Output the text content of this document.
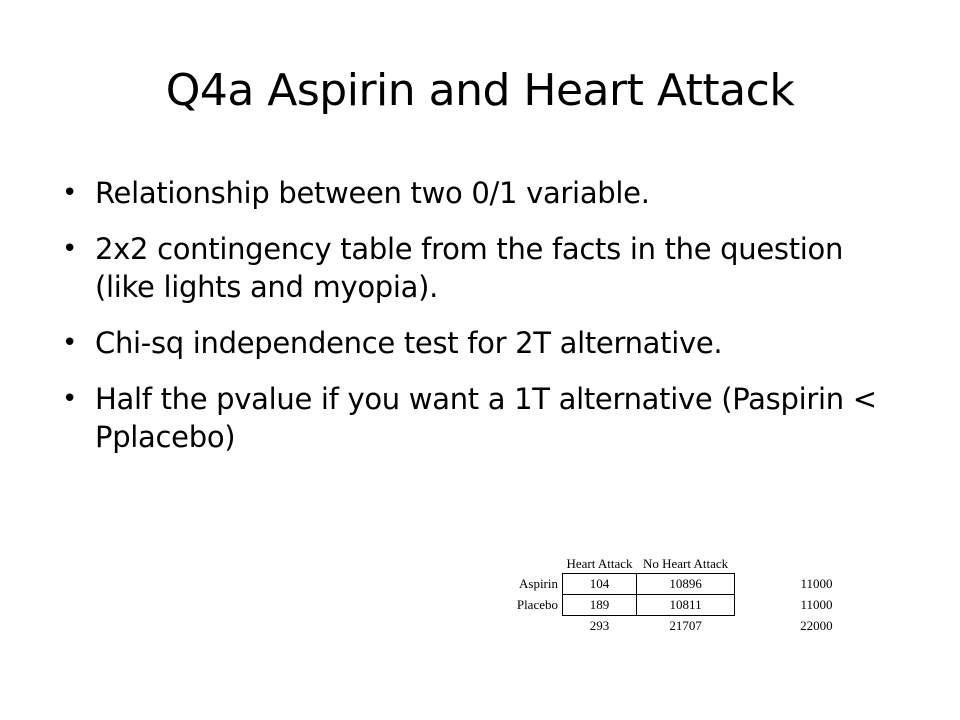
Q4a Aspirin and Heart Attack
• Relationship between two 0/1 variable.
• 2x2 contingency table from the facts in the question (like lights and myopia).
• Chi-sq independence test for 2T alternative.
• Half the pvalue if you want a 1T alternative (Paspirin < Pplacebo)
	Heart Attack	No Heart Attack	
Aspirin	104	10896	11000
Placebo	189	10811	11000
	293	21707	22000
